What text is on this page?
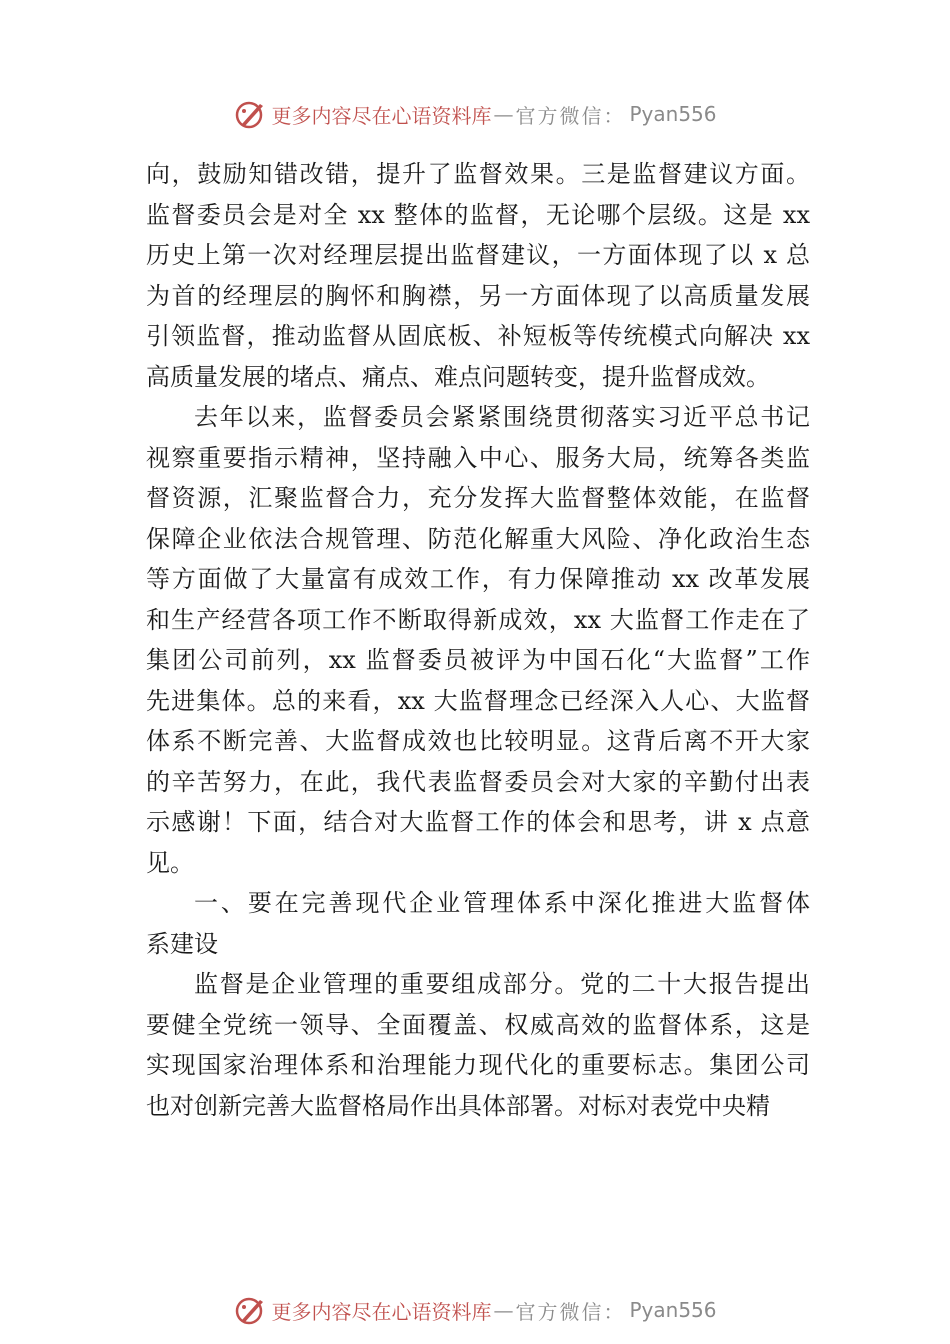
更多内容尽在心语资料库 — 官方微信： Pyan556
向，鼓励知错改错，提升了监督效果。三是监督建议方面。
监督委员会是对全 xx 整体的监督，无论哪个层级。这是 xx
历史上第一次对经理层提出监督建议，一方面体现了以 x 总
为首的经理层的胸怀和胸襟，另一方面体现了以高质量发展
引领监督，推动监督从固底板、补短板等传统模式向解决 xx
高质量发展的堵点、痛点、难点问题转变，提升监督成效。
去年以来，监督委员会紧紧围绕贯彻落实习近平总书记
视察重要指示精神，坚持融入中心、服务大局，统筹各类监
督资源，汇聚监督合力，充分发挥大监督整体效能，在监督
保障企业依法合规管理、防范化解重大风险、净化政治生态
等方面做了大量富有成效工作，有力保障推动 xx 改革发展
和生产经营各项工作不断取得新成效，xx 大监督工作走在了
集团公司前列，xx 监督委员被评为中国石化“大监督”工作
先进集体。总的来看，xx 大监督理念已经深入人心、大监督
体系不断完善、大监督成效也比较明显。这背后离不开大家
的辛苦努力，在此，我代表监督委员会对大家的辛勤付出表
示感谢！下面，结合对大监督工作的体会和思考，讲 x 点意
见。
一、要在完善现代企业管理体系中深化推进大监督体
系建设
监督是企业管理的重要组成部分。党的二十大报告提出
要健全党统一领导、全面覆盖、权威高效的监督体系，这是
实现国家治理体系和治理能力现代化的重要标志。集团公司
也对创新完善大监督格局作出具体部署。对标对表党中央精
更多内容尽在心语资料库 — 官方微信： Pyan556
